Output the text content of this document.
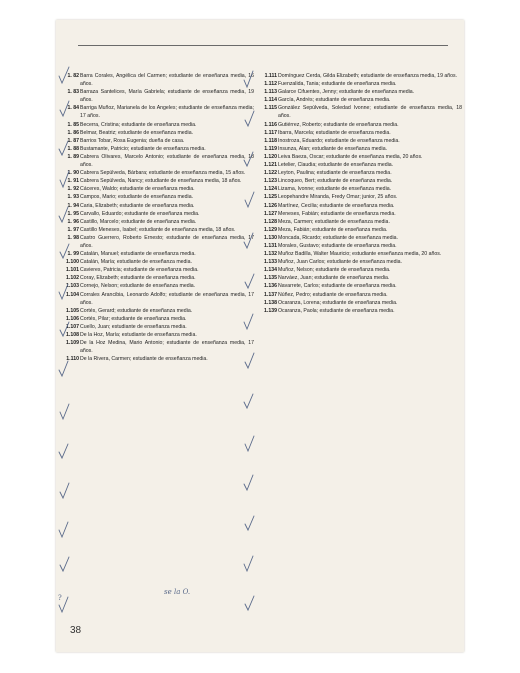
1. 82 Barra Corales, Angélica del Carmen; estudiante de enseñanza media, 16 años.
1. 83 Barraza Santelices, María Gabriela; estudiante de enseñanza media, 19 años.
1. 84 Barriga Muñoz, Marianela de los Angeles; estudiante de enseñanza media; 17 años.
1. 85 Becerra, Cristina; estudiante de enseñanza media.
1. 86 Belmar, Beatriz; estudiante de enseñanza media.
1. 87 Barrios Tobar, Rosa Eugenia; dueña de casa.
1. 88 Bustamante, Patricio; estudiante de enseñanza media.
1. 89 Cabrera Olivares, Marcelo Antonio; estudiante de enseñanza media, 18 años.
1. 90 Cabrera Sepúlveda, Bárbara; estudiante de enseñanza media, 15 años.
1. 91 Cabrera Sepúlveda, Nancy; estudiante de enseñanza media, 18 años.
1. 92 Cáceres, Waldo; estudiante de enseñanza media.
1. 93 Campos, Mario; estudiante de enseñanza media.
1. 94 Caria, Elizabeth; estudiante de enseñanza media.
1. 95 Carvallo, Eduardo; estudiante de enseñanza media.
1. 96 Castillo, Marcelo; estudiante de enseñanza media.
1. 97 Castillo Meneses, Isabel; estudiante de enseñanza media, 18 años.
1. 98 Castro Guerrero, Roberto Ernesto; estudiante de enseñanza media, 17 años.
1. 99 Catalán, Manuel; estudiante de enseñanza media.
1.100 Catalán, María; estudiante de enseñanza media.
1.101 Cavieres, Patricia; estudiante de enseñanza media.
1.102 Coray, Elizabeth; estudiante de enseñanza media.
1.103 Cornejo, Nelson; estudiante de enseñanza media.
1.104 Corrales Arancibia, Leonardo Adolfo; estudiante de enseñanza media, 17 años.
1.105 Cortés, Gerard; estudiante de enseñanza media.
1.106 Cortés, Pilar; estudiante de enseñanza media.
1.107 Cuello, Juan; estudiante de enseñanza media.
1.108 De la Hoz, María; estudiante de enseñanza media.
1.109 De la Hoz Medina, Mario Antonio; estudiante de enseñanza media, 17 años.
1.110 De la Rivera, Carmen; estudiante de enseñanza media.
1.111 Domínguez Cerda, Gilda Elizabeth; estudiante de enseñanza media, 19 años.
1.112 Fuenzalida, Tania; estudiante de enseñanza media.
1.113 Galarce Cifuentes, Jenny; estudiante de enseñanza media.
1.114 García, Andrés; estudiante de enseñanza media.
1.115 González Sepúlveda, Soledad Ivonne; estudiante de enseñanza media, 18 años.
1.116 Gutiérrez, Roberto; estudiante de enseñanza media.
1.117 Ibarra, Marcela; estudiante de enseñanza media.
1.118 Inostroza, Eduardo; estudiante de enseñanza media.
1.119 Insunza, Alan; estudiante de enseñanza media.
1.120 Leiva Baeza, Oscar; estudiante de enseñanza media, 20 años.
1.121 Letelier, Claudia; estudiante de enseñanza media.
1.122 Leyton, Paulina; estudiante de enseñanza media.
1.123 Lincoqueo, Bert; estudiante de enseñanza media.
1.124 Lizama, Ivonne; estudiante de enseñanza media.
1.125 Leopehandre Miranda, Fredy Omar; junior, 25 años.
1.126 Martínez, Cecilia; estudiante de enseñanza media.
1.127 Meneses, Fabián; estudiante de enseñanza media.
1.128 Meza, Carmen; estudiante de enseñanza media.
1.129 Meza, Fabián; estudiante de enseñanza media.
1.130 Moncada, Ricardo; estudiante de enseñanza media.
1.131 Morales, Gustavo; estudiante de enseñanza media.
1.132 Muñoz Badilla, Walter Mauricio; estudiante enseñanza media, 20 años.
1.133 Muñoz, Juan Carlos; estudiante de enseñanza media.
1.134 Muñoz, Nelson; estudiante de enseñanza media.
1.135 Narváez, Juan; estudiante de enseñanza media.
1.136 Navarrete, Carlos; estudiante de enseñanza media.
1.137 Núñez, Pedro; estudiante de enseñanza media.
1.138 Ocaranza, Lorena; estudiante de enseñanza media.
1.139 Ocaranza, Paola; estudiante de enseñanza media.
se la O.
?
38
